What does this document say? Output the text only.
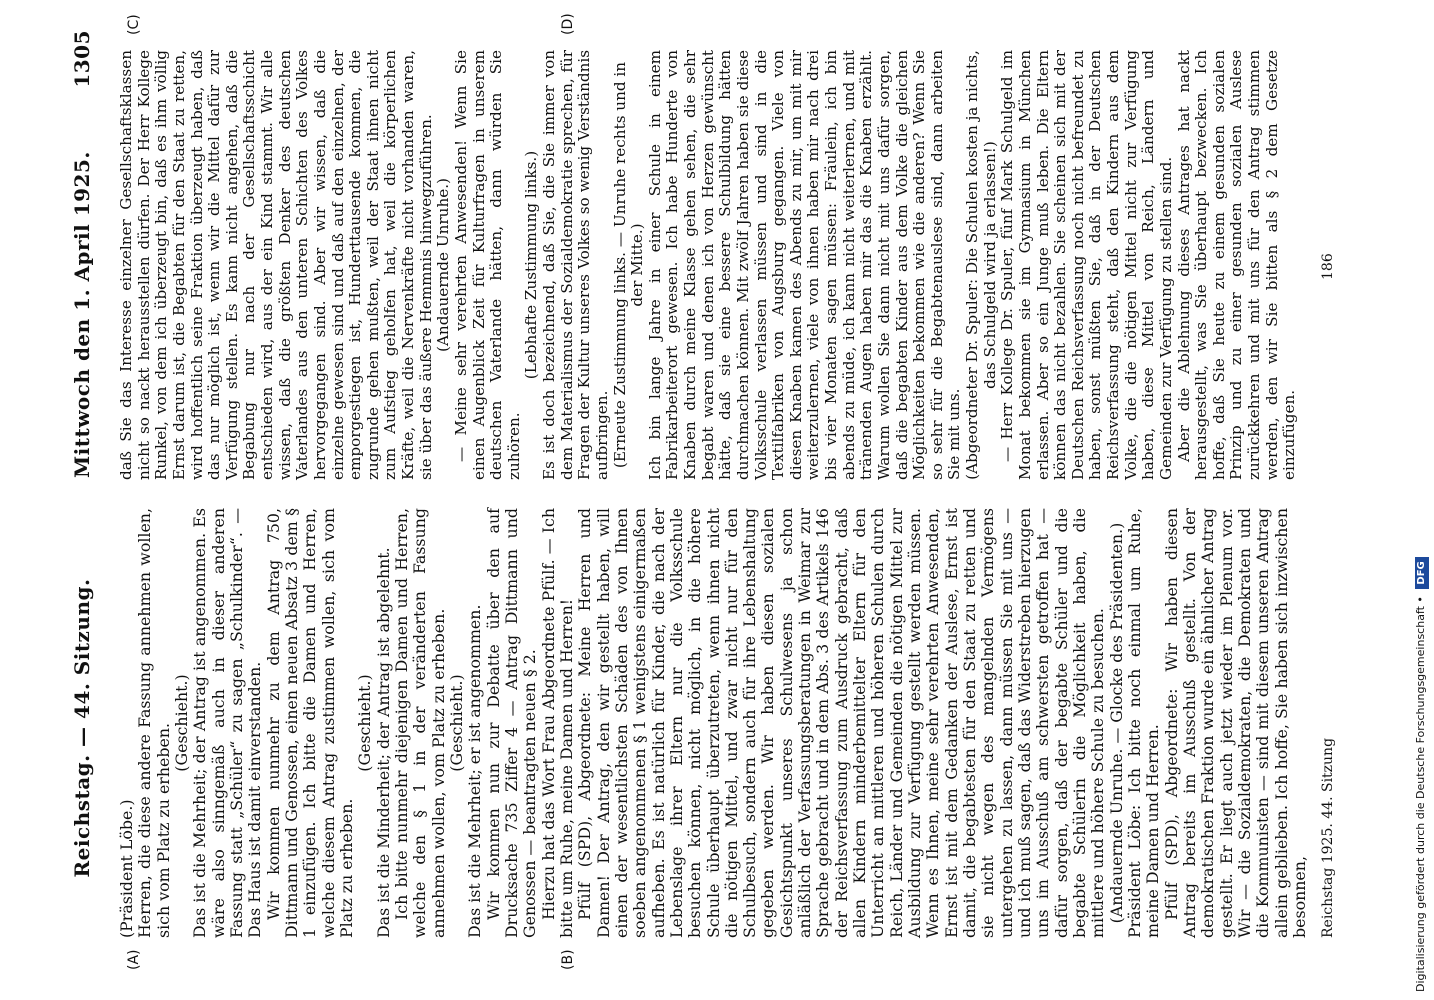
Reichstag. — 44. Sitzung.
Mittwoch den 1. April 1925.
1305
(A)	(B)
(C)	(D)

(Präsident Löbe.) Herren, die diese andere Fassung annehmen wollen, sich vom Platz zu erheben. (Geschieht.) Das ist die Mehrheit; der Antrag ist angenommen. Es wäre also sinngemäß auch in dieser anderen Fassung statt „Schüler“ zu sagen „Schulkinder“. — Das Haus ist damit einverstanden. Wir kommen nunmehr zu dem Antrag 750, Dittmann und Genossen, einen neuen Absatz 3 dem § 1 einzufügen. Ich bitte die Damen und Herren, welche diesem Antrag zustimmen wollen, sich vom Platz zu erheben.

(Geschieht.) Das ist die Minderheit; der Antrag ist abgelehnt. Ich bitte nunmehr diejenigen Damen und Herren, welche den § 1 in der veränderten Fassung annehmen wollen, vom Platz zu erheben. (Geschieht.) Das ist die Mehrheit; er ist angenommen. Wir kommen nun zur Debatte über den auf Drucksache 735 Ziffer 4 — Antrag Dittmann und Genossen — beantragten neuen § 2. Hierzu hat das Wort Frau Abgeordnete Pfülf. — Ich bitte um Ruhe, meine Damen und Herren! Pfülf (SPD), Abgeordnete: Meine Herren und Damen! Der Antrag, den wir gestellt haben, will einen der wesentlichsten Schäden des von Ihnen soeben angenommenen § 1 wenigstens einigermaßen aufheben. Es ist natürlich für Kinder, die nach der Lebenslage ihrer Eltern nur die Volksschule besuchen können, nicht möglich, in die höhere Schule überhaupt überzutreten, wenn ihnen nicht die nötigen Mittel, und zwar nicht nur für den Schulbesuch, sondern auch für ihre Lebenshaltung gegeben werden. Wir haben diesen sozialen Gesichtspunkt unseres Schulwesens ja schon anläßlich der Verfassungsberatungen in Weimar zur Sprache gebracht und in dem Abs. 3 des Artikels 146 der Reichsverfassung zum Ausdruck gebracht, daß allen Kindern minderbemittelter Eltern für den Unterricht an mittleren und höheren Schulen durch Reich, Länder und Gemeinden die nötigen Mittel zur Ausbildung zur Verfügung gestellt werden müssen. Wenn es Ihnen, meine sehr verehrten Anwesenden, Ernst ist mit dem Gedanken der Auslese, Ernst ist damit, die begabtesten für den Staat zu retten und sie nicht wegen des mangelnden Vermögens untergehen zu lassen, dann müssen Sie mit uns — und ich muß sagen, daß das Widerstreben hierzugen uns im Ausschuß am schwersten getroffen hat — dafür sorgen, daß der begabte Schüler und die begabte Schülerin die Möglichkeit haben, die mittlere und höhere Schule zu besuchen. (Andauernde Unruhe. — Glocke des Präsidenten.) Präsident Löbe: Ich bitte noch einmal um Ruhe, meine Damen und Herren. Pfülf (SPD), Abgeordnete: Wir haben diesen Antrag bereits im Ausschuß gestellt. Von der demokratischen Fraktion wurde ein ähnlicher Antrag gestellt. Er liegt auch jetzt wieder im Plenum vor. Wir — die Sozialdemokraten, die Demokraten und die Kommunisten — sind mit diesem unseren Antrag allein geblieben. Ich hoffe, Sie haben sich inzwischen besonnen,

daß Sie das Interesse einzelner Gesellschaftsklassen nicht so nackt herausstellen dürfen. Der Herr Kollege Runkel, von dem ich überzeugt bin, daß es ihm völlig Ernst darum ist, die Begabten für den Staat zu retten, wird hoffentlich seine Fraktion überzeugt haben, daß das nur möglich ist, wenn wir die Mittel dafür zur Verfügung stellen. Es kann nicht angehen, daß die Begabung nur nach der Gesellschaftsschicht entschieden wird, aus der ein Kind stammt. Wir alle wissen, daß die größten Denker des deutschen Vaterlandes aus den unteren Schichten des Volkes hervorgegangen sind. Aber wir wissen, daß die einzelne gewesen sind und daß auf den einzelnen, der emporgestiegen ist, Hunderttausende kommen, die zugrunde gehen mußten, weil der Staat ihnen nicht zum Aufstieg geholfen hat, weil die körperlichen Kräfte, weil die Nervenkräfte nicht vorhanden waren, sie über das äußere Hemmnis hinwegzuführen. (Andauernde Unruhe.) — Meine sehr verehrten Anwesenden! Wenn Sie einen Augenblick Zeit für Kulturfragen in unserem deutschen Vaterlande hätten, dann würden Sie zuhören.

(Lebhafte Zustimmung links.) Es ist doch bezeichnend, daß Sie, die Sie immer von dem Materialismus der Sozialdemokratie sprechen, für Fragen der Kultur unseres Volkes so wenig Verständnis aufbringen. (Erneute Zustimmung links. — Unruhe rechts und in der Mitte.) Ich bin lange Jahre in einer Schule in einem Fabrikarbeiterort gewesen. Ich habe Hunderte von Knaben durch meine Klasse gehen sehen, die sehr begabt waren und denen ich von Herzen gewünscht hätte, daß sie eine bessere Schulbildung hätten durchmachen können. Mit zwölf Jahren haben sie diese Volksschule verlassen müssen und sind in die Textilfabriken von Augsburg gegangen. Viele von diesen Knaben kamen des Abends zu mir, um mit mir weiterzulernen, viele von ihnen haben mir nach drei bis vier Monaten sagen müssen: Fräulein, ich bin abends zu müde, ich kann nicht weiterlernen, und mit tränenden Augen haben mir das die Knaben erzählt. Warum wollen Sie dann nicht mit uns dafür sorgen, daß die begabten Kinder aus dem Volke die gleichen Möglichkeiten bekommen wie die anderen? Wenn Sie so sehr für die Begabtenauslese sind, dann arbeiten Sie mit uns. (Abgeordneter Dr. Spuler: Die Schulen kosten ja nichts, das Schulgeld wird ja erlassen!) — Herr Kollege Dr. Spuler, fünf Mark Schulgeld im Monat bekommen sie im Gymnasium in München erlassen. Aber so ein Junge muß leben. Die Eltern können das nicht bezahlen. Sie scheinen sich mit der Deutschen Reichsverfassung noch nicht befreundet zu haben, sonst müßten Sie, daß in der Deutschen Reichsverfassung steht, daß den Kindern aus dem Volke, die die nötigen Mittel nicht zur Verfügung haben, diese Mittel von Reich, Ländern und Gemeinden zur Verfügung zu stellen sind. Aber die Ablehnung dieses Antrages hat nackt herausgestellt, was Sie überhaupt bezwecken. Ich hoffe, daß Sie heute zu einem gesunden sozialen Prinzip und zu einer gesunden sozialen Auslese zurückkehren und mit uns für den Antrag stimmen werden, den wir Sie bitten als § 2 dem Gesetze einzufügen.

Reichstag 1925. 44. Sitzung
186
Digitalisierung gefördert durch die Deutsche Forschungsgemeinschaft • DFG
